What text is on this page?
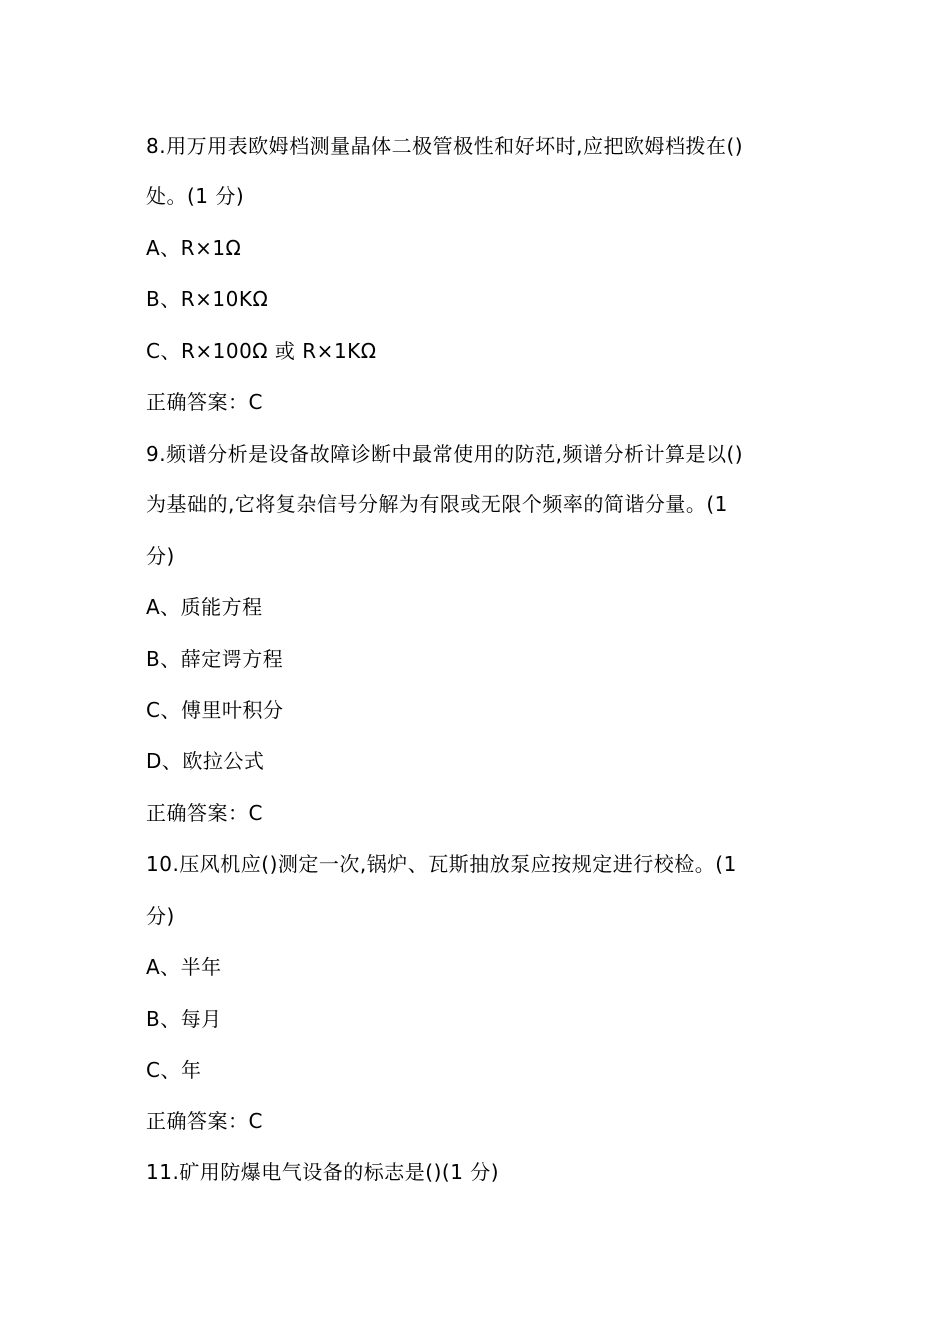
8.用万用表欧姆档测量晶体二极管极性和好坏时,应把欧姆档拨在()
处。(1 分)
A、R×1Ω
B、R×10KΩ
C、R×100Ω 或 R×1KΩ
正确答案：C
9.频谱分析是设备故障诊断中最常使用的防范,频谱分析计算是以()
为基础的,它将复杂信号分解为有限或无限个频率的简谐分量。(1
分)
A、质能方程
B、薛定谔方程
C、傅里叶积分
D、欧拉公式
正确答案：C
10.压风机应()测定一次,锅炉、瓦斯抽放泵应按规定进行校检。(1
分)
A、半年
B、每月
C、年
正确答案：C
11.矿用防爆电气设备的标志是()(1 分)
